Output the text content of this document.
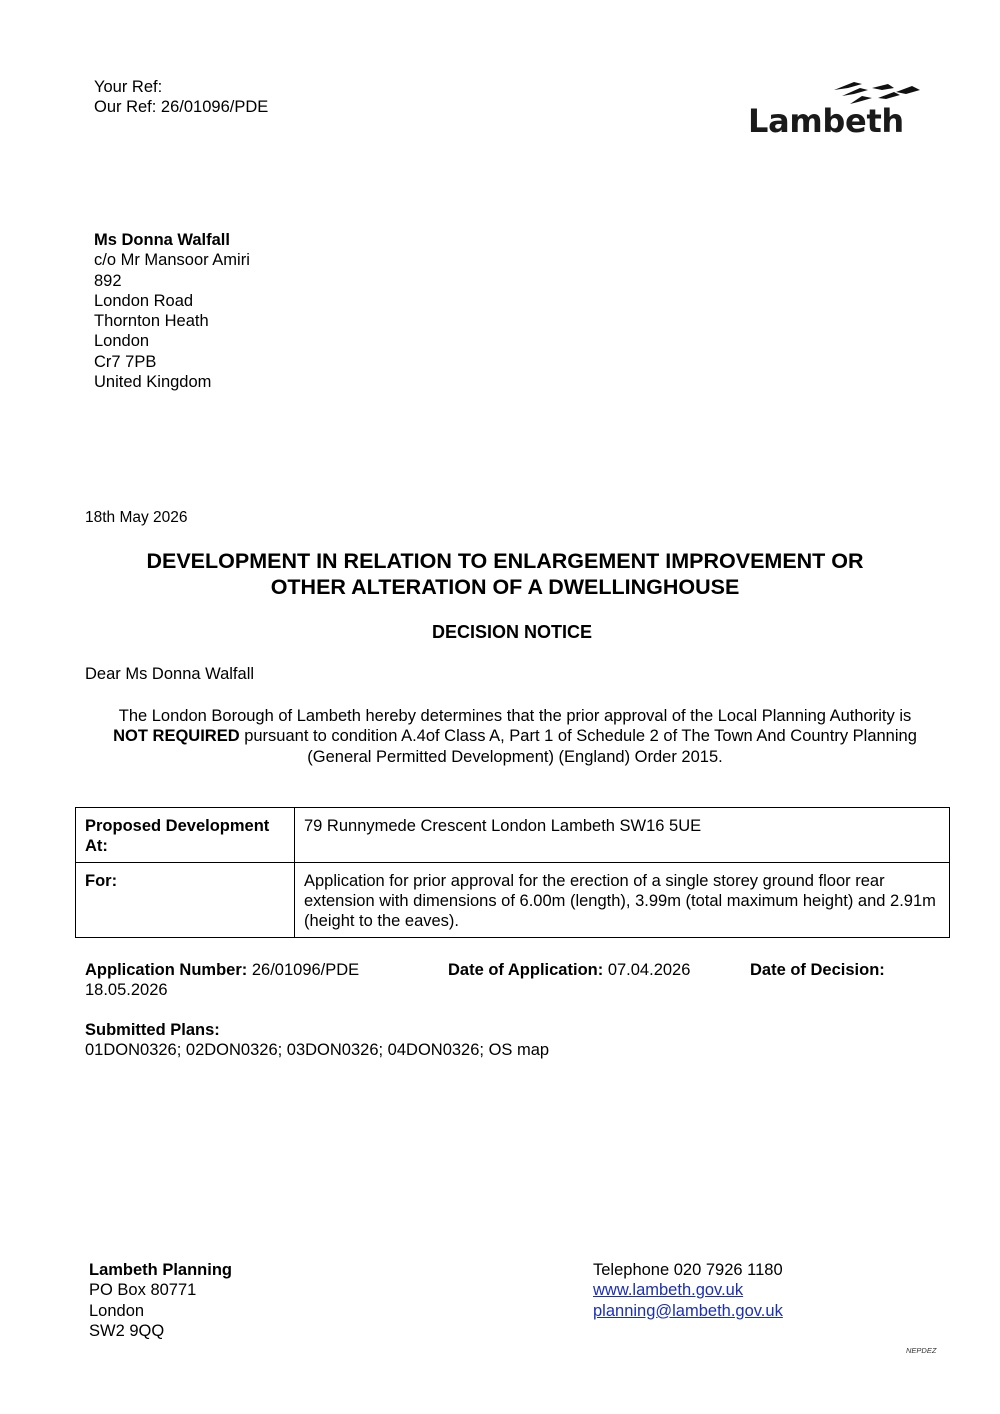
Your Ref:
Our Ref: 26/01096/PDE	Lambeth
Ms Donna Walfall
c/o Mr Mansoor Amiri
892
London Road
Thornton Heath
London
Cr7 7PB
United Kingdom
18th May 2026
DEVELOPMENT IN RELATION TO ENLARGEMENT IMPROVEMENT OR
OTHER ALTERATION OF A DWELLINGHOUSE
DECISION NOTICE
Dear Ms Donna Walfall
The London Borough of Lambeth hereby determines that the prior approval of the Local Planning Authority is
NOT REQUIRED pursuant to condition A.4of Class A, Part 1 of Schedule 2 of The Town And Country Planning (General Permitted Development) (England) Order 2015.
Proposed Development At:	79 Runnymede Crescent London Lambeth SW16 5UE
For:	Application for prior approval for the erection of a single storey ground floor rear extension with dimensions of 6.00m (length), 3.99m (total maximum height) and 2.91m (height to the eaves).
Application Number: 26/01096/PDE
18.05.2026
Date of Application: 07.04.2026	Date of Decision:
Submitted Plans:
01DON0326; 02DON0326; 03DON0326; 04DON0326; OS map
Lambeth Planning
PO Box 80771
London
SW2 9QQ
Telephone 020 7926 1180
www.lambeth.gov.uk
planning@lambeth.gov.uk
NEPDEZ
